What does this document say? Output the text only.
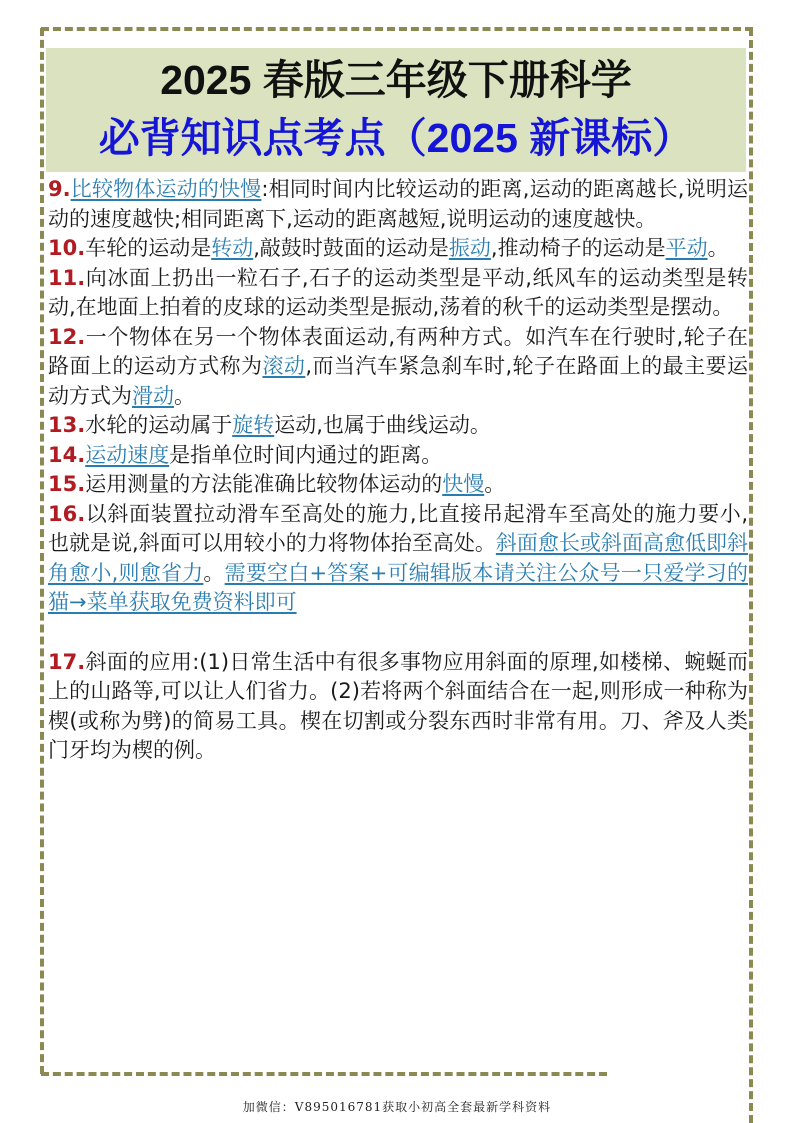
2025 春版三年级下册科学
必背知识点考点（2025 新课标）

9.比较物体运动的快慢:相同时间内比较运动的距离,运动的距离越长,说明运动的速度越快;相同距离下,运动的距离越短,说明运动的速度越快。

10.车轮的运动是转动,敲鼓时鼓面的运动是振动,推动椅子的运动是平动。

11.向冰面上扔出一粒石子,石子的运动类型是平动,纸风车的运动类型是转动,在地面上拍着的皮球的运动类型是振动,荡着的秋千的运动类型是摆动。

12.一个物体在另一个物体表面运动,有两种方式。如汽车在行驶时,轮子在路面上的运动方式称为滚动,而当汽车紧急刹车时,轮子在路面上的最主要运动方式为滑动。

13.水轮的运动属于旋转运动,也属于曲线运动。

14.运动速度是指单位时间内通过的距离。

15.运用测量的方法能准确比较物体运动的快慢。

16.以斜面装置拉动滑车至高处的施力,比直接吊起滑车至高处的施力要小,也就是说,斜面可以用较小的力将物体抬至高处。斜面愈长或斜面高愈低即斜角愈小,则愈省力。需要空白+答案+可编辑版本请关注公众号一只爱学习的猫→菜单获取免费资料即可

17.斜面的应用:(1)日常生活中有很多事物应用斜面的原理,如楼梯、蜿蜒而上的山路等,可以让人们省力。(2)若将两个斜面结合在一起,则形成一种称为楔(或称为劈)的简易工具。楔在切割或分裂东西时非常有用。刀、斧及人类门牙均为楔的例。

加微信：V895016781获取小初高全套最新学科资料
